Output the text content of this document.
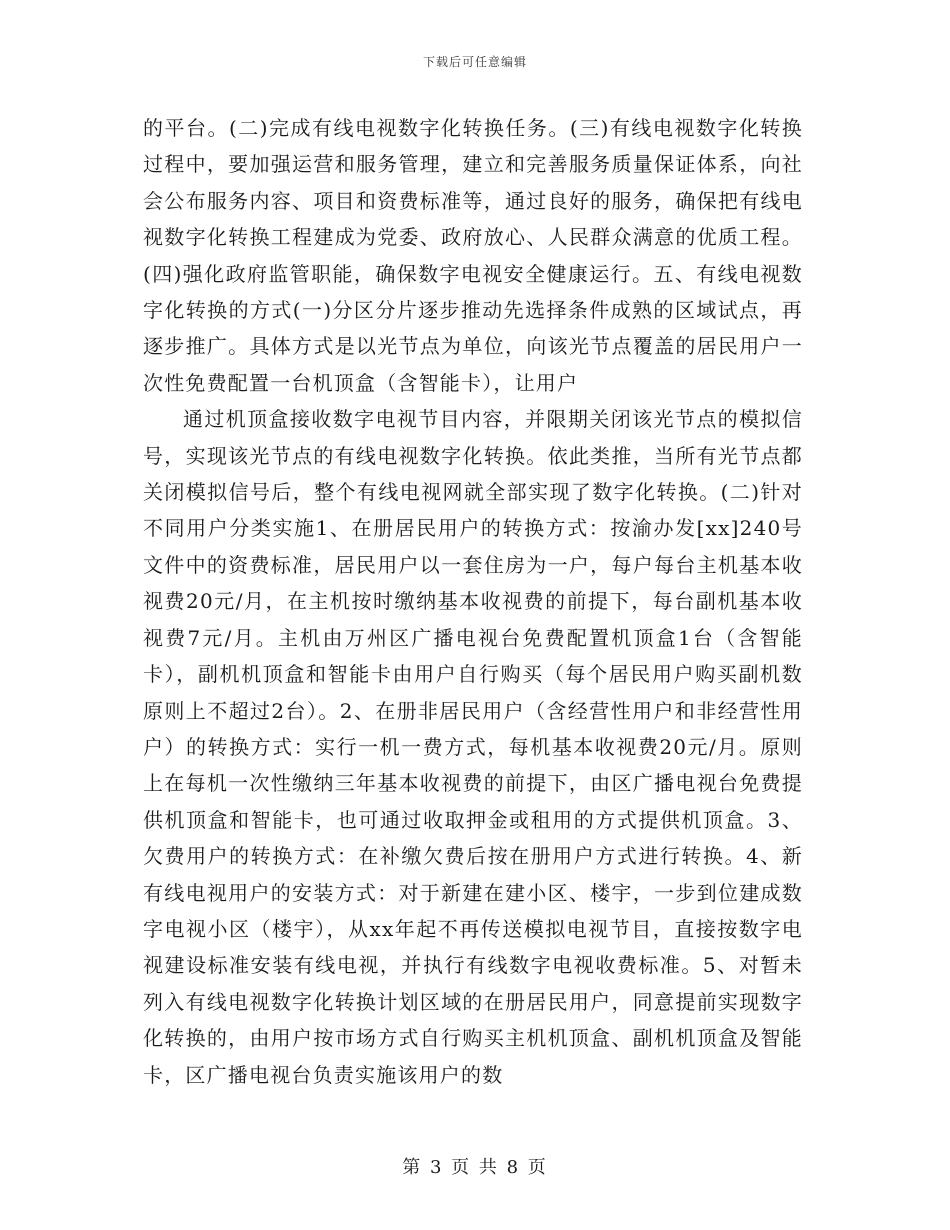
下载后可任意编辑

的平台。(二)完成有线电视数字化转换任务。(三)有线电视数字化转换过程中，要加强运营和服务管理，建立和完善服务质量保证体系，向社会公布服务内容、项目和资费标准等，通过良好的服务，确保把有线电视数字化转换工程建成为党委、政府放心、人民群众满意的优质工程。(四)强化政府监管职能，确保数字电视安全健康运行。五、有线电视数字化转换的方式(一)分区分片逐步推动先选择条件成熟的区域试点，再逐步推广。具体方式是以光节点为单位，向该光节点覆盖的居民用户一次性免费配置一台机顶盒（含智能卡），让用户

通过机顶盒接收数字电视节目内容，并限期关闭该光节点的模拟信号，实现该光节点的有线电视数字化转换。依此类推，当所有光节点都关闭模拟信号后，整个有线电视网就全部实现了数字化转换。(二)针对不同用户分类实施1、在册居民用户的转换方式：按渝办发[xx]240号文件中的资费标准，居民用户以一套住房为一户，每户每台主机基本收视费20元/月，在主机按时缴纳基本收视费的前提下，每台副机基本收视费7元/月。主机由万州区广播电视台免费配置机顶盒1台（含智能卡），副机机顶盒和智能卡由用户自行购买（每个居民用户购买副机数原则上不超过2台）。2、在册非居民用户（含经营性用户和非经营性用户）的转换方式：实行一机一费方式，每机基本收视费20元/月。原则上在每机一次性缴纳三年基本收视费的前提下，由区广播电视台免费提供机顶盒和智能卡，也可通过收取押金或租用的方式提供机顶盒。3、欠费用户的转换方式：在补缴欠费后按在册用户方式进行转换。4、新有线电视用户的安装方式：对于新建在建小区、楼宇，一步到位建成数字电视小区（楼宇），从xx年起不再传送模拟电视节目，直接按数字电视建设标准安装有线电视，并执行有线数字电视收费标准。5、对暂未列入有线电视数字化转换计划区域的在册居民用户，同意提前实现数字化转换的，由用户按市场方式自行购买主机机顶盒、副机机顶盒及智能卡，区广播电视台负责实施该用户的数

第 3 页 共 8 页
